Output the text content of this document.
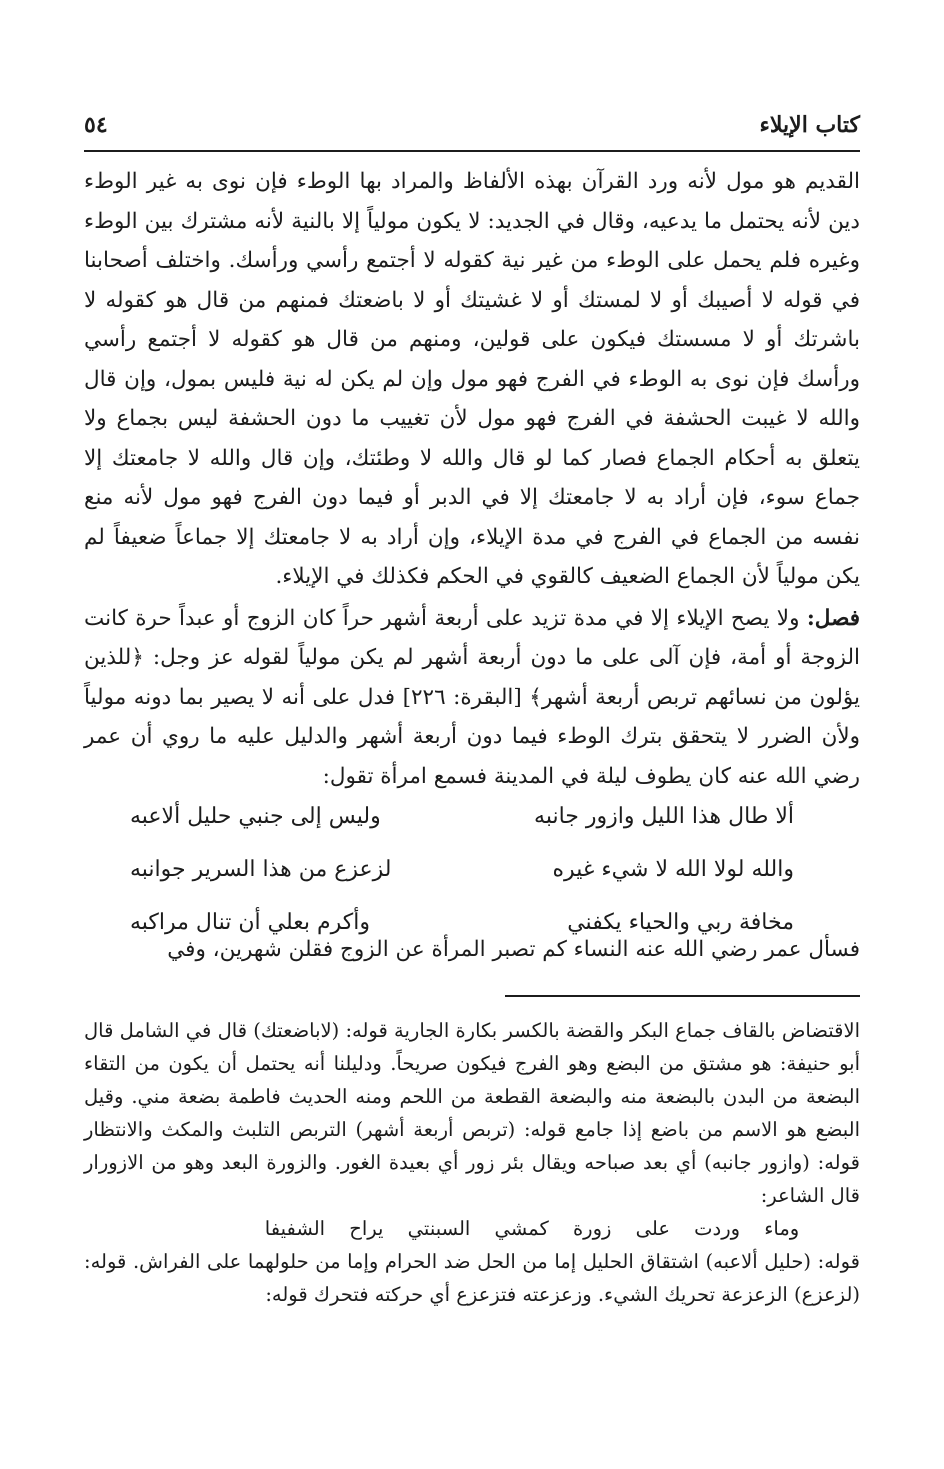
كتاب الإيلاء
٥٤

القديم هو مول لأنه ورد القرآن بهذه الألفاظ والمراد بها الوطء فإن نوى به غير الوطء دين لأنه يحتمل ما يدعيه، وقال في الجديد: لا يكون مولياً إلا بالنية لأنه مشترك بين الوطء وغيره فلم يحمل على الوطء من غير نية كقوله لا أجتمع رأسي ورأسك. واختلف أصحابنا في قوله لا أصيبك أو لا لمستك أو لا غشيتك أو لا باضعتك فمنهم من قال هو كقوله لا باشرتك أو لا مسستك فيكون على قولين، ومنهم من قال هو كقوله لا أجتمع رأسي ورأسك فإن نوى به الوطء في الفرج فهو مول وإن لم يكن له نية فليس بمول، وإن قال والله لا غيبت الحشفة في الفرج فهو مول لأن تغييب ما دون الحشفة ليس بجماع ولا يتعلق به أحكام الجماع فصار كما لو قال والله لا وطئتك، وإن قال والله لا جامعتك إلا جماع سوء، فإن أراد به لا جامعتك إلا في الدبر أو فيما دون الفرج فهو مول لأنه منع نفسه من الجماع في الفرج في مدة الإيلاء، وإن أراد به لا جامعتك إلا جماعاً ضعيفاً لم يكن مولياً لأن الجماع الضعيف كالقوي في الحكم فكذلك في الإيلاء.

فصل: ولا يصح الإيلاء إلا في مدة تزيد على أربعة أشهر حراً كان الزوج أو عبداً حرة كانت الزوجة أو أمة، فإن آلى على ما دون أربعة أشهر لم يكن مولياً لقوله عز وجل: ﴿للذين يؤلون من نسائهم تربص أربعة أشهر﴾ [البقرة: ٢٢٦] فدل على أنه لا يصير بما دونه مولياً ولأن الضرر لا يتحقق بترك الوطء فيما دون أربعة أشهر والدليل عليه ما روي أن عمر رضي الله عنه كان يطوف ليلة في المدينة فسمع امرأة تقول:

ألا طال هذا الليل وازور جانبه
وليس إلى جنبي حليل ألاعبه
والله لولا الله لا شيء غيره
لزعزع من هذا السرير جوانبه
مخافة ربي والحياء يكفني
وأكرم بعلي أن تنال مراكبه
فسأل عمر رضي الله عنه النساء كم تصبر المرأة عن الزوج فقلن شهرين، وفي

الاقتضاض بالقاف جماع البكر والقضة بالكسر بكارة الجارية قوله: (لاباضعتك) قال في الشامل قال أبو حنيفة: هو مشتق من البضع وهو الفرج فيكون صريحاً. ودليلنا أنه يحتمل أن يكون من التقاء البضعة من البدن بالبضعة منه والبضعة القطعة من اللحم ومنه الحديث فاطمة بضعة مني. وقيل البضع هو الاسم من باضع إذا جامع قوله: (تربص أربعة أشهر) التربص التلبث والمكث والانتظار قوله: (وازور جانبه) أي بعد صباحه ويقال بئر زور أي بعيدة الغور. والزورة البعد وهو من الازورار قال الشاعر:

وماء وردت على زورة كمشي السبنتي يراح الشفيفا

قوله: (حليل ألاعبه) اشتقاق الحليل إما من الحل ضد الحرام وإما من حلولهما على الفراش. قوله: (لزعزع) الزعزعة تحريك الشيء. وزعزعته فتزعزع أي حركته فتحرك قوله:
